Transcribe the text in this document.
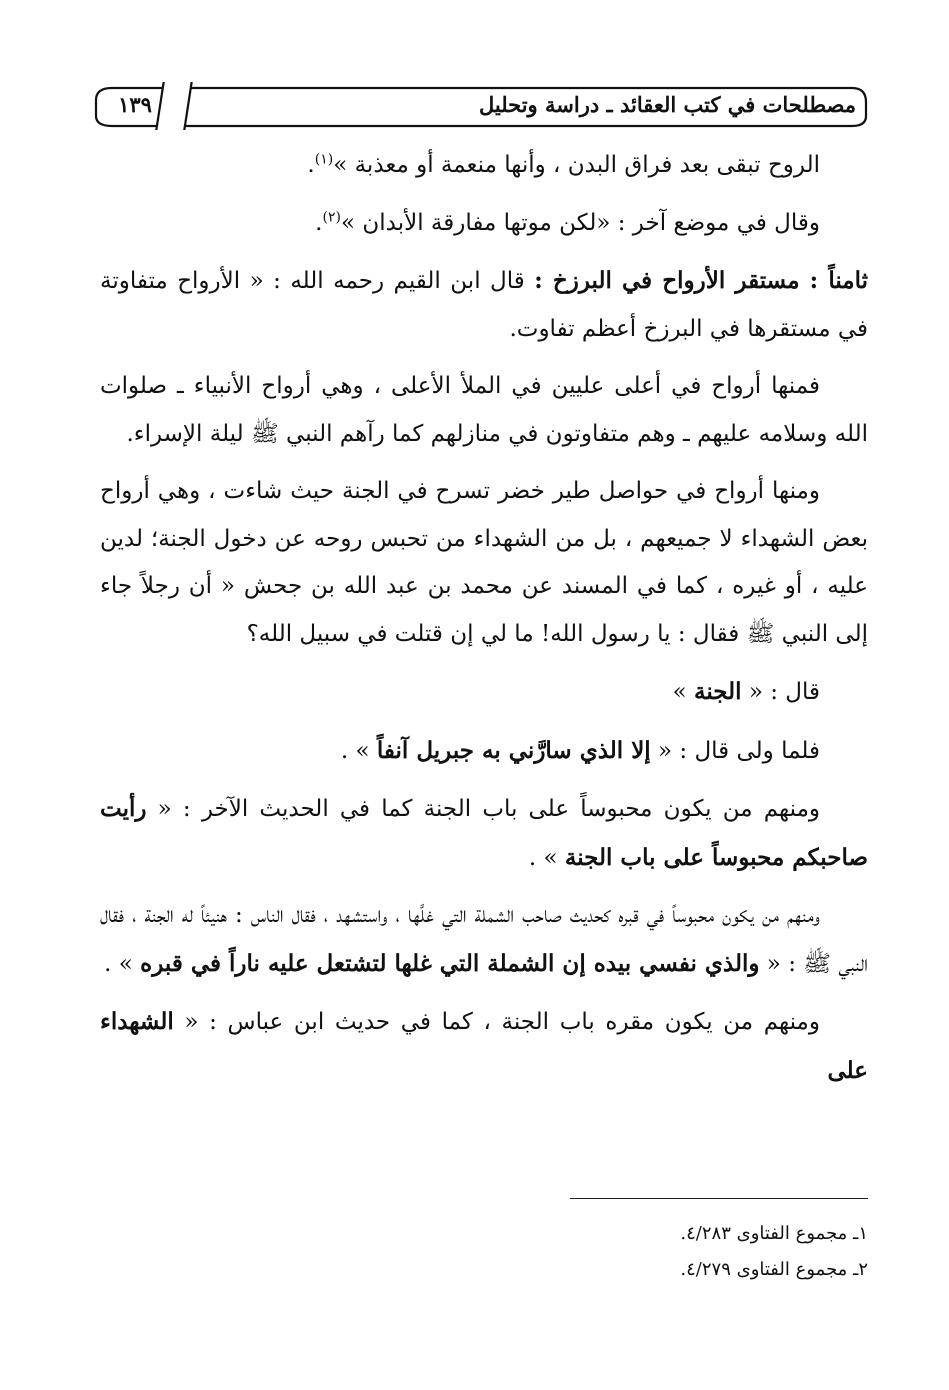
١٣٩	مصطلحات في كتب العقائد ـ دراسة وتحليل

الروح تبقى بعد فراق البدن ، وأنها منعمة أو معذبة »$^{(١)}$.

وقال في موضع آخر : «لكن موتها مفارقة الأبدان »$^{(٢)}$.

ثامناً : مستقر الأرواح في البرزخ : قال ابن القيم رحمه الله : « الأرواح متفاوتة في مستقرها في البرزخ أعظم تفاوت.

فمنها أرواح في أعلى عليين في الملأ الأعلى ، وهي أرواح الأنبياء ـ صلوات الله وسلامه عليهم ـ وهم متفاوتون في منازلهم كما رآهم النبي ﷺ ليلة الإسراء.

ومنها أرواح في حواصل طير خضر تسرح في الجنة حيث شاءت ، وهي أرواح بعض الشهداء لا جميعهم ، بل من الشهداء من تحبس روحه عن دخول الجنة؛ لدين عليه ، أو غيره ، كما في المسند عن محمد بن عبد الله بن جحش « أن رجلاً جاء إلى النبي ﷺ فقال : يا رسول الله! ما لي إن قتلت في سبيل الله؟

قال : « الجنة »

فلما ولى قال : « إلا الذي سارَّني به جبريل آنفاً » .

ومنهم من يكون محبوساً على باب الجنة كما في الحديث الآخر : « رأيت صاحبكم محبوساً على باب الجنة » .

ومنهم من يكون محبوساً في قبره كحديث صاحب الشملة التي غلَّها ، واستشهد ، فقال الناس : هنيئاً له الجنة ، فقال النبي ﷺ : « والذي نفسي بيده إن الشملة التي غلها لتشتعل عليه ناراً في قبره » .

ومنهم من يكون مقره باب الجنة ، كما في حديث ابن عباس : « الشهداء على

١ـ مجموع الفتاوى ٤/٢٨٣.
٢ـ مجموع الفتاوى ٤/٢٧٩.
